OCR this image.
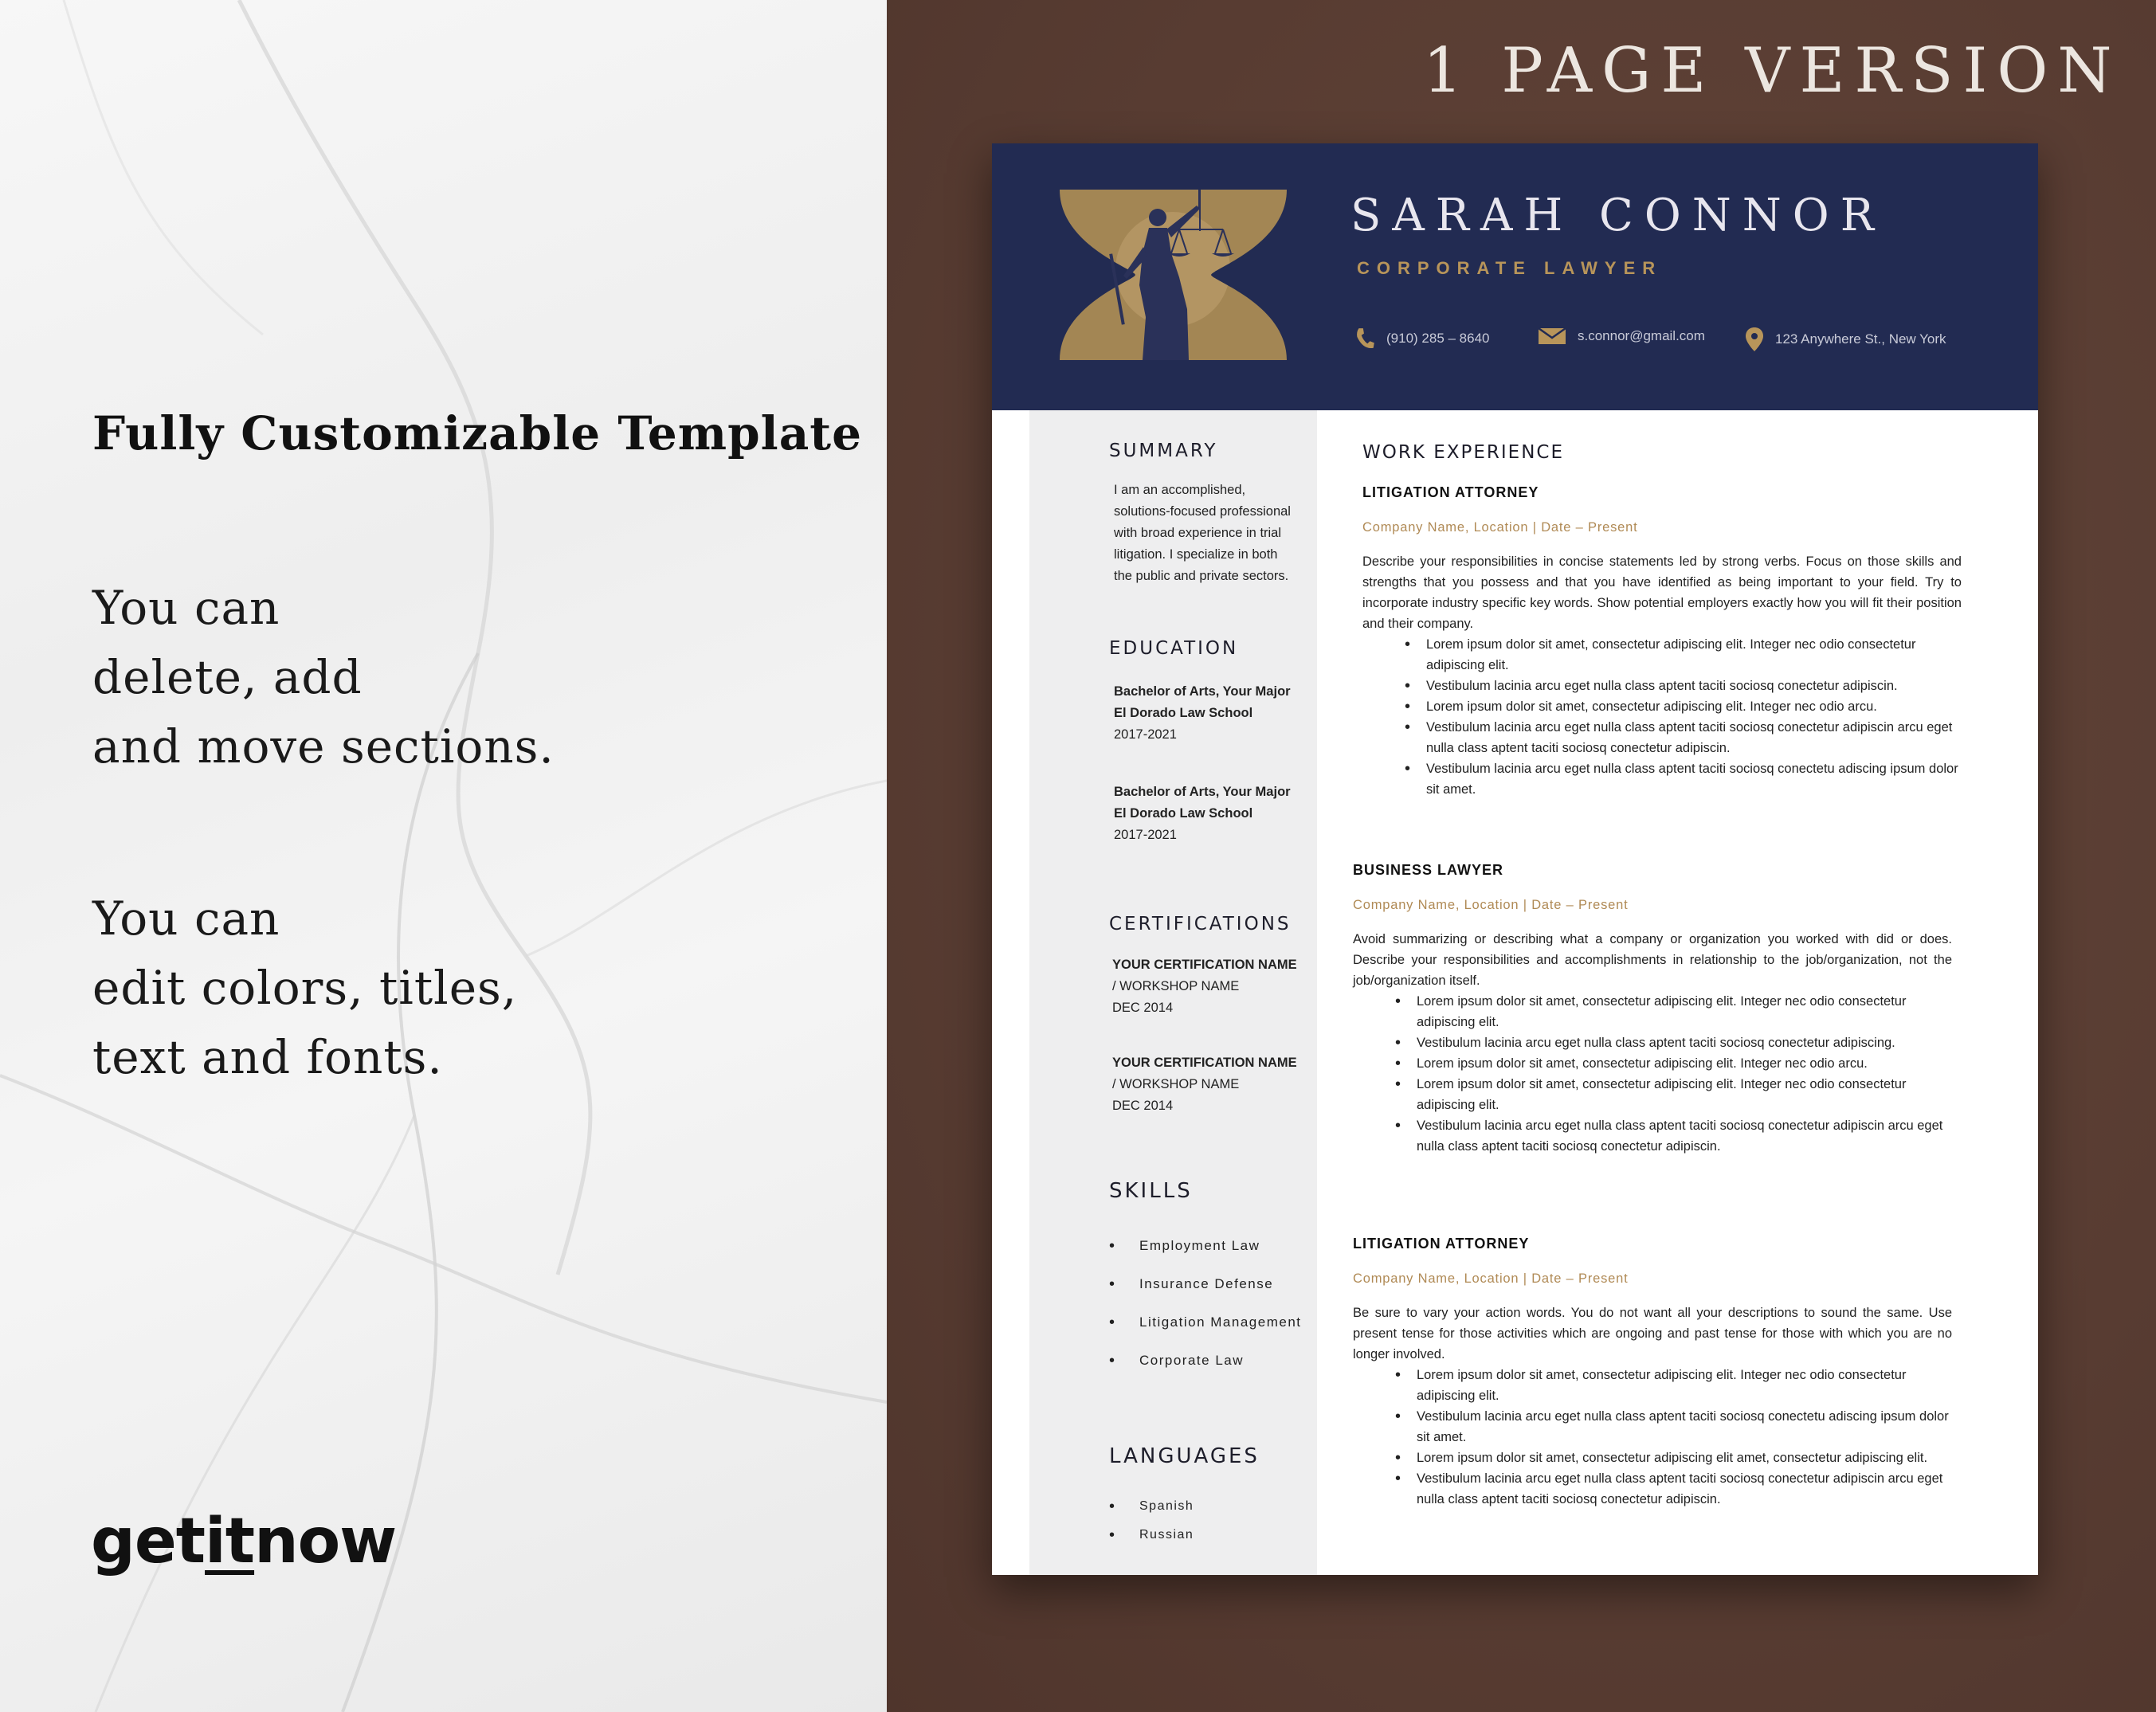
Fully Customizable Template
You can
delete, add
and move sections.
You can
edit colors, titles,
text and fonts.
getitnow
1 PAGE VERSION
SARAH CONNOR
CORPORATE LAWYER
(910) 285 – 8640	s.connor@gmail.com	123 Anywhere St., New York
SUMMARY
I am an accomplished,
solutions-focused professional
with broad experience in trial
litigation. I specialize in both
the public and private sectors.
EDUCATION
Bachelor of Arts, Your Major
El Dorado Law School
2017-2021
Bachelor of Arts, Your Major
El Dorado Law School
2017-2021
CERTIFICATIONS
YOUR CERTIFICATION NAME
/ WORKSHOP NAME
DEC 2014
YOUR CERTIFICATION NAME
/ WORKSHOP NAME
DEC 2014
SKILLS
• Employment Law
• Insurance Defense
• Litigation Management
• Corporate Law
LANGUAGES
• Spanish
• Russian
WORK EXPERIENCE
LITIGATION ATTORNEY
Company Name, Location | Date – Present
Describe your responsibilities in concise statements led by strong verbs. Focus on those skills and strengths that you possess and that you have identified as being important to your field. Try to incorporate industry specific key words. Show potential employers exactly how you will fit their position and their company.
• Lorem ipsum dolor sit amet, consectetur adipiscing elit. Integer nec odio consectetur adipiscing elit.
• Vestibulum lacinia arcu eget nulla class aptent taciti sociosq conectetur adipiscin.
• Lorem ipsum dolor sit amet, consectetur adipiscing elit. Integer nec odio arcu.
• Vestibulum lacinia arcu eget nulla class aptent taciti sociosq conectetur adipiscin arcu eget nulla class aptent taciti sociosq conectetur adipiscin.
• Vestibulum lacinia arcu eget nulla class aptent taciti sociosq conectetu adiscing ipsum dolor sit amet.
BUSINESS LAWYER
Company Name, Location | Date – Present
Avoid summarizing or describing what a company or organization you worked with did or does. Describe your responsibilities and accomplishments in relationship to the job/organization, not the job/organization itself.
• Lorem ipsum dolor sit amet, consectetur adipiscing elit. Integer nec odio consectetur adipiscing elit.
• Vestibulum lacinia arcu eget nulla class aptent taciti sociosq conectetur adipiscing.
• Lorem ipsum dolor sit amet, consectetur adipiscing elit. Integer nec odio arcu.
• Lorem ipsum dolor sit amet, consectetur adipiscing elit. Integer nec odio consectetur adipiscing elit.
• Vestibulum lacinia arcu eget nulla class aptent taciti sociosq conectetur adipiscin arcu eget nulla class aptent taciti sociosq conectetur adipiscin.
LITIGATION ATTORNEY
Company Name, Location | Date – Present
Be sure to vary your action words. You do not want all your descriptions to sound the same. Use present tense for those activities which are ongoing and past tense for those with which you are no longer involved.
• Lorem ipsum dolor sit amet, consectetur adipiscing elit. Integer nec odio consectetur adipiscing elit.
• Vestibulum lacinia arcu eget nulla class aptent taciti sociosq conectetu adiscing ipsum dolor sit amet.
• Lorem ipsum dolor sit amet, consectetur adipiscing elit amet, consectetur adipiscing elit.
• Vestibulum lacinia arcu eget nulla class aptent taciti sociosq conectetur adipiscin arcu eget nulla class aptent taciti sociosq conectetur adipiscin.
